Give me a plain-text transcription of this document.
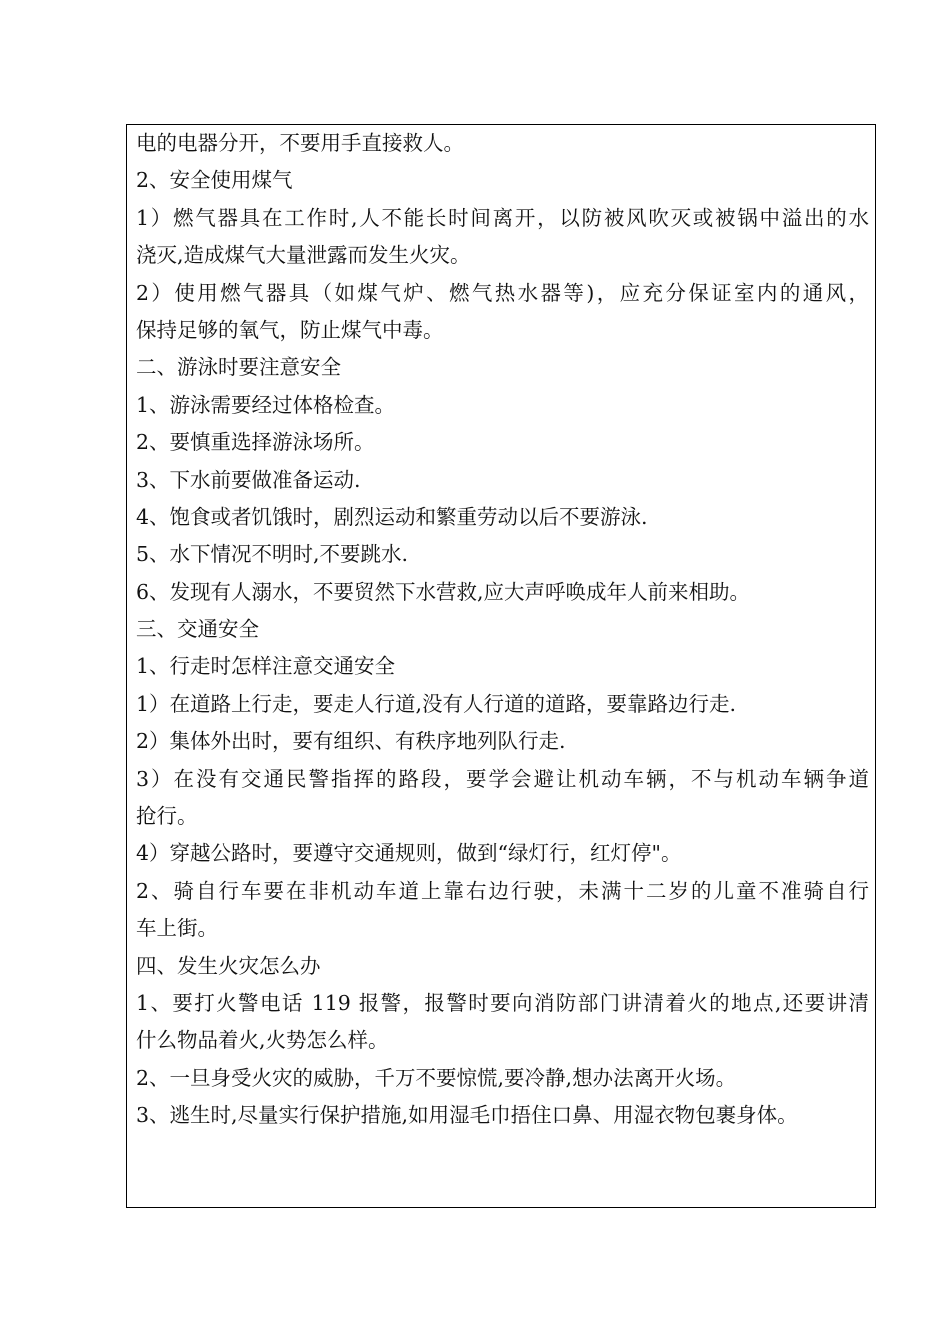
电的电器分开，不要用手直接救人。
2、安全使用煤气
1）燃气器具在工作时,人不能长时间离开，以防被风吹灭或被锅中溢出的水
浇灭,造成煤气大量泄露而发生火灾。
2）使用燃气器具（如煤气炉、燃气热水器等)，应充分保证室内的通风，
保持足够的氧气，防止煤气中毒。
二、游泳时要注意安全
1、游泳需要经过体格检查。
2、要慎重选择游泳场所。
3、下水前要做准备运动.
4、饱食或者饥饿时，剧烈运动和繁重劳动以后不要游泳.
5、水下情况不明时,不要跳水.
6、发现有人溺水，不要贸然下水营救,应大声呼唤成年人前来相助。
三、交通安全
1、行走时怎样注意交通安全
1）在道路上行走，要走人行道,没有人行道的道路，要靠路边行走.
2）集体外出时，要有组织、有秩序地列队行走.
3）在没有交通民警指挥的路段，要学会避让机动车辆，不与机动车辆争道
抢行。
4）穿越公路时，要遵守交通规则，做到“绿灯行，红灯停"。
2、骑自行车要在非机动车道上靠右边行驶，未满十二岁的儿童不准骑自行
车上街。
四、发生火灾怎么办
1、要打火警电话 119 报警，报警时要向消防部门讲清着火的地点,还要讲清
什么物品着火,火势怎么样。
2、一旦身受火灾的威胁，千万不要惊慌,要冷静,想办法离开火场。
3、逃生时,尽量实行保护措施,如用湿毛巾捂住口鼻、用湿衣物包裹身体。
